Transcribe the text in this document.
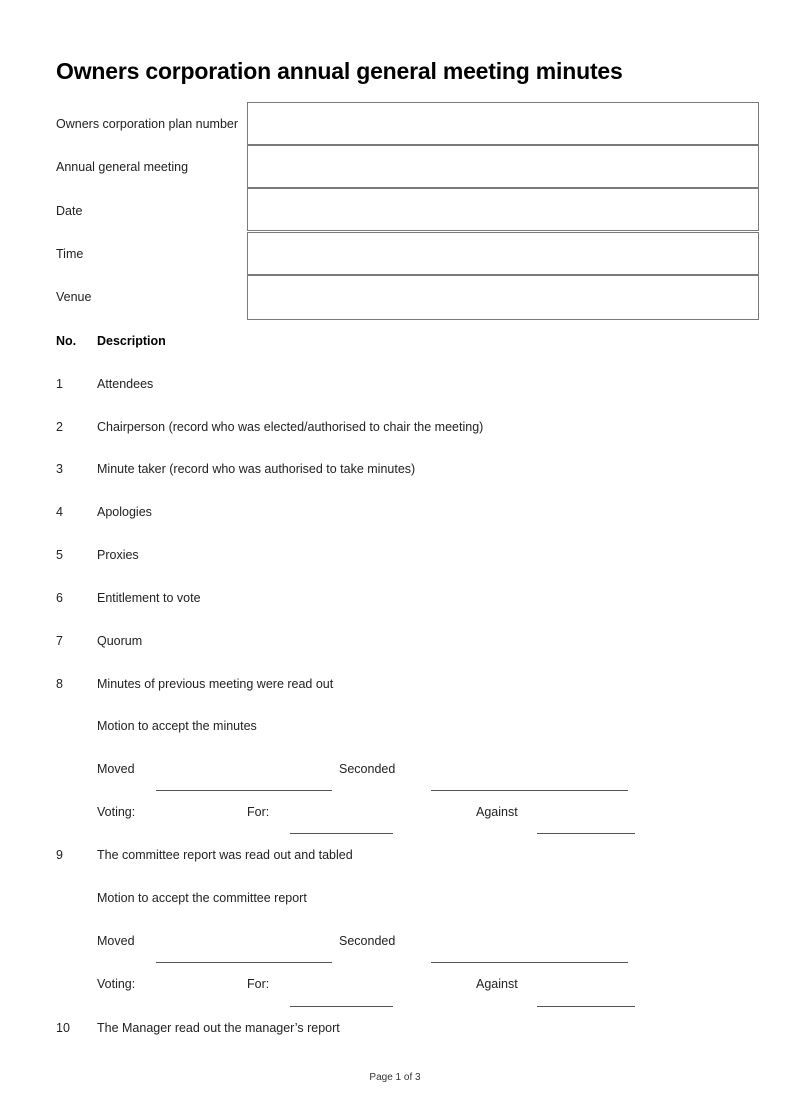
Owners corporation annual general meeting minutes
Owners corporation plan number
Annual general meeting
Date
Time
Venue
No. Description
1	Attendees
2	Chairperson (record who was elected/authorised to chair the meeting)
3	Minute taker (record who was authorised to take minutes)
4	Apologies
5	Proxies
6	Entitlement to vote
7	Quorum
8	Minutes of previous meeting were read out
Motion to accept the minutes
Moved	Seconded
Voting:	For:	Against
9	The committee report was read out and tabled
Motion to accept the committee report
Moved	Seconded
Voting:	For:	Against
10 The Manager read out the manager’s report
Page 1 of 3
